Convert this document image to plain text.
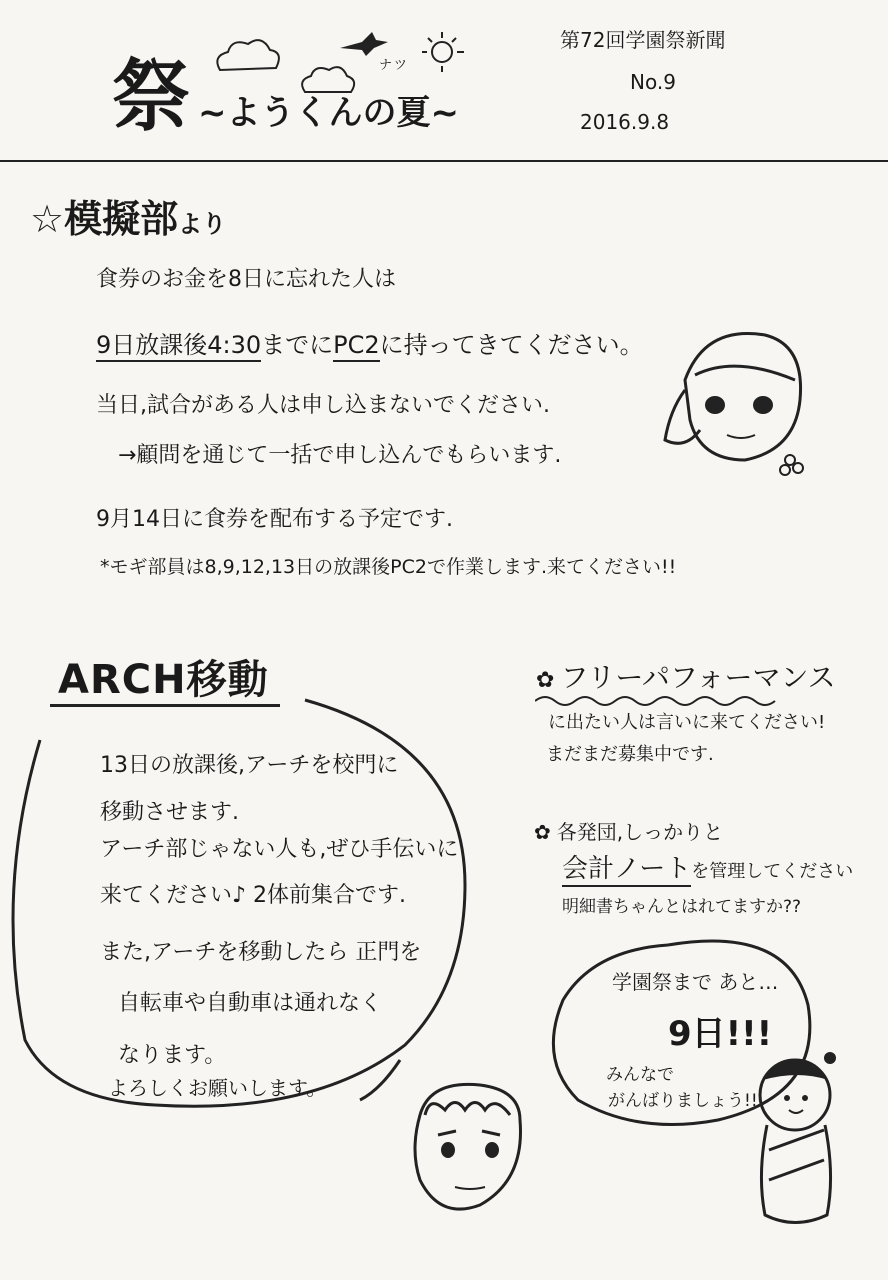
祭 ~ようくんの夏~
ナツ
第72回学園祭新聞
No.9
2016.9.8
☆模擬部より
食券のお金を8日に忘れた人は
9日放課後4:30までにPC2に持ってきてください。
当日,試合がある人は申し込まないでください.
→顧問を通じて一括で申し込んでもらいます.
9月14日に食券を配布する予定です.
*モギ部員は8,9,12,13日の放課後PC2で作業します.来てください!!
ARCH移動
13日の放課後,アーチを校門に
移動させます.
アーチ部じゃない人も,ぜひ手伝いに
来てください♪ 2体前集合です.
また,アーチを移動したら 正門を
自転車や自動車は通れなく
なります。
よろしくお願いします。
✿ フリーパフォーマンス
に出たい人は言いに来てください!
まだまだ募集中です.
✿ 各発団,しっかりと
会計ノートを管理してください
明細書ちゃんとはれてますか??
学園祭まで あと…
9日!!!
みんなで
がんばりましょう!!
